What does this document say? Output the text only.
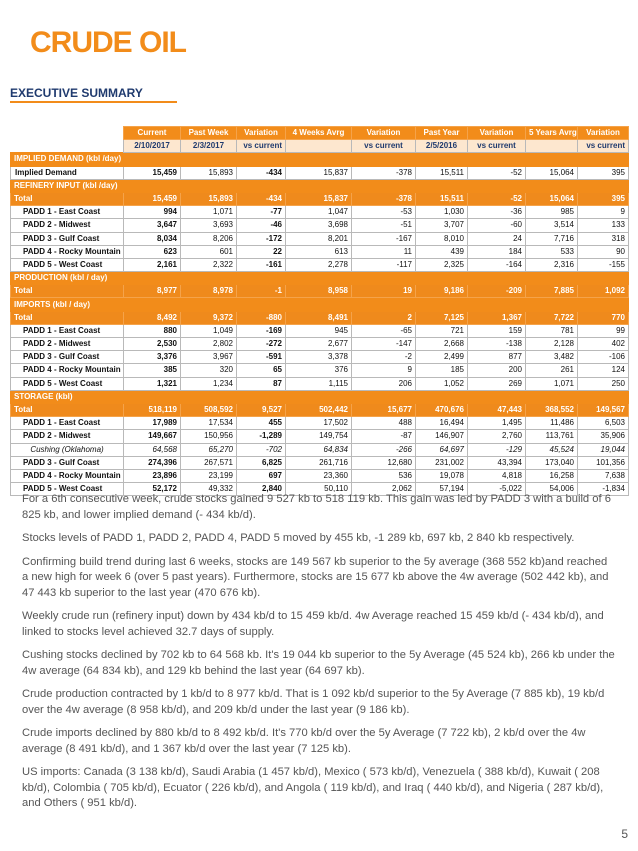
CRUDE OIL
EXECUTIVE SUMMARY
	Current	Past Week	Variation	4 Weeks Avrg	Variation	Past Year	Variation	5 Years Avrg	Variation
	2/10/2017	2/3/2017	vs current		vs current	2/5/2016	vs current		vs current
IMPLIED DEMAND (kbl /day)									
Implied Demand	15,459	15,893	-434	15,837	-378	15,511	-52	15,064	395
REFINERY INPUT (kbl /day)									
Total	15,459	15,893	-434	15,837	-378	15,511	-52	15,064	395
PADD 1 - East Coast	994	1,071	-77	1,047	-53	1,030	-36	985	9
PADD 2 - Midwest	3,647	3,693	-46	3,698	-51	3,707	-60	3,514	133
PADD 3 - Gulf Coast	8,034	8,206	-172	8,201	-167	8,010	24	7,716	318
PADD 4 - Rocky Mountain	623	601	22	613	11	439	184	533	90
PADD 5 - West Coast	2,161	2,322	-161	2,278	-117	2,325	-164	2,316	-155
PRODUCTION (kbl / day)									
Total	8,977	8,978	-1	8,958	19	9,186	-209	7,885	1,092
IMPORTS (kbl / day)									
Total	8,492	9,372	-880	8,491	2	7,125	1,367	7,722	770
PADD 1 - East Coast	880	1,049	-169	945	-65	721	159	781	99
PADD 2 - Midwest	2,530	2,802	-272	2,677	-147	2,668	-138	2,128	402
PADD 3 - Gulf Coast	3,376	3,967	-591	3,378	-2	2,499	877	3,482	-106
PADD 4 - Rocky Mountain	385	320	65	376	9	185	200	261	124
PADD 5 - West Coast	1,321	1,234	87	1,115	206	1,052	269	1,071	250
STORAGE (kbl)									
Total	518,119	508,592	9,527	502,442	15,677	470,676	47,443	368,552	149,567
PADD 1 - East Coast	17,989	17,534	455	17,502	488	16,494	1,495	11,486	6,503
PADD 2 - Midwest	149,667	150,956	-1,289	149,754	-87	146,907	2,760	113,761	35,906
Cushing (Oklahoma)	64,568	65,270	-702	64,834	-266	64,697	-129	45,524	19,044
PADD 3 - Gulf Coast	274,396	267,571	6,825	261,716	12,680	231,002	43,394	173,040	101,356
PADD 4 - Rocky Mountain	23,896	23,199	697	23,360	536	19,078	4,818	16,258	7,638
PADD 5 - West Coast	52,172	49,332	2,840	50,110	2,062	57,194	-5,022	54,006	-1,834

For a 6th consecutive week, crude stocks gained 9 527 kb to 518 119 kb. This gain was led by PADD 3 with a build of 6 825 kb, and lower implied demand (- 434 kb/d).

Stocks levels of PADD 1, PADD 2, PADD 4, PADD 5 moved by 455 kb, -1 289 kb, 697 kb, 2 840 kb respectively.

Confirming build trend during last 6 weeks, stocks are 149 567 kb superior to the 5y average (368 552 kb)and reached a new high for week 6 (over 5 past years). Furthermore, stocks are 15 677 kb above the 4w average (502 442 kb), and 47 443 kb superior to the last year (470 676 kb).

Weekly crude run (refinery input) down by 434 kb/d to 15 459 kb/d. 4w Average reached 15 459 kb/d (- 434 kb/d), and linked to stocks level achieved 32.7 days of supply.

Cushing stocks declined by 702 kb to 64 568 kb. It's 19 044 kb superior to the 5y Average (45 524 kb), 266 kb under the 4w average (64 834 kb), and 129 kb behind the last year (64 697 kb).

Crude production contracted by 1 kb/d to 8 977 kb/d. That is 1 092 kb/d superior to the 5y Average (7 885 kb), 19 kb/d over the 4w average (8 958 kb/d), and 209 kb/d under the last year (9 186 kb).

Crude imports declined by 880 kb/d to 8 492 kb/d. It's 770 kb/d over the 5y Average (7 722 kb), 2 kb/d over the 4w average (8 491 kb/d), and 1 367 kb/d over the last year (7 125 kb).

US imports: Canada (3 138 kb/d), Saudi Arabia (1 457 kb/d), Mexico ( 573 kb/d), Venezuela ( 388 kb/d), Kuwait ( 208 kb/d), Colombia ( 705 kb/d), Ecuator ( 226 kb/d), and Angola ( 119 kb/d), and Iraq ( 440 kb/d), and Nigeria ( 287 kb/d), and Others ( 951 kb/d).

5
